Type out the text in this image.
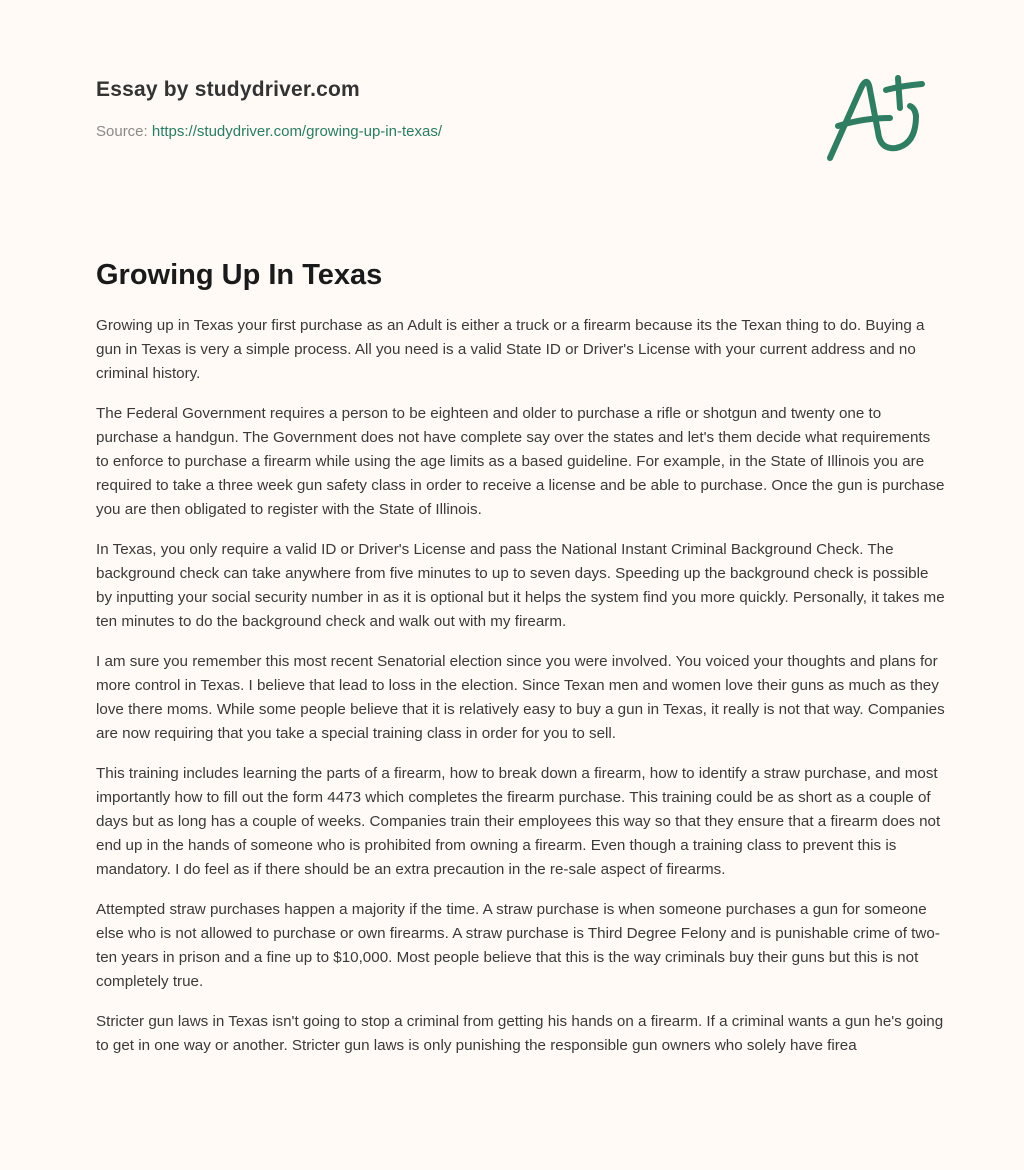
Essay by studydriver.com
Source: https://studydriver.com/growing-up-in-texas/
Growing Up In Texas

Growing up in Texas your first purchase as an Adult is either a truck or a firearm because its the Texan thing to do. Buying a gun in Texas is very a simple process. All you need is a valid State ID or Driver's License with your current address and no criminal history.

The Federal Government requires a person to be eighteen and older to purchase a rifle or shotgun and twenty one to purchase a handgun. The Government does not have complete say over the states and let's them decide what requirements to enforce to purchase a firearm while using the age limits as a based guideline. For example, in the State of Illinois you are required to take a three week gun safety class in order to receive a license and be able to purchase. Once the gun is purchase you are then obligated to register with the State of Illinois.

In Texas, you only require a valid ID or Driver's License and pass the National Instant Criminal Background Check. The background check can take anywhere from five minutes to up to seven days. Speeding up the background check is possible by inputting your social security number in as it is optional but it helps the system find you more quickly. Personally, it takes me ten minutes to do the background check and walk out with my firearm.

I am sure you remember this most recent Senatorial election since you were involved. You voiced your thoughts and plans for more control in Texas. I believe that lead to loss in the election. Since Texan men and women love their guns as much as they love there moms. While some people believe that it is relatively easy to buy a gun in Texas, it really is not that way. Companies are now requiring that you take a special training class in order for you to sell.

This training includes learning the parts of a firearm, how to break down a firearm, how to identify a straw purchase, and most importantly how to fill out the form 4473 which completes the firearm purchase. This training could be as short as a couple of days but as long has a couple of weeks. Companies train their employees this way so that they ensure that a firearm does not end up in the hands of someone who is prohibited from owning a firearm. Even though a training class to prevent this is mandatory. I do feel as if there should be an extra precaution in the re-sale aspect of firearms.

Attempted straw purchases happen a majority if the time. A straw purchase is when someone purchases a gun for someone else who is not allowed to purchase or own firearms. A straw purchase is Third Degree Felony and is punishable crime of two-ten years in prison and a fine up to $10,000. Most people believe that this is the way criminals buy their guns but this is not completely true.

Stricter gun laws in Texas isn't going to stop a criminal from getting his hands on a firearm. If a criminal wants a gun he's going to get in one way or another. Stricter gun laws is only punishing the responsible gun owners who solely have firea
